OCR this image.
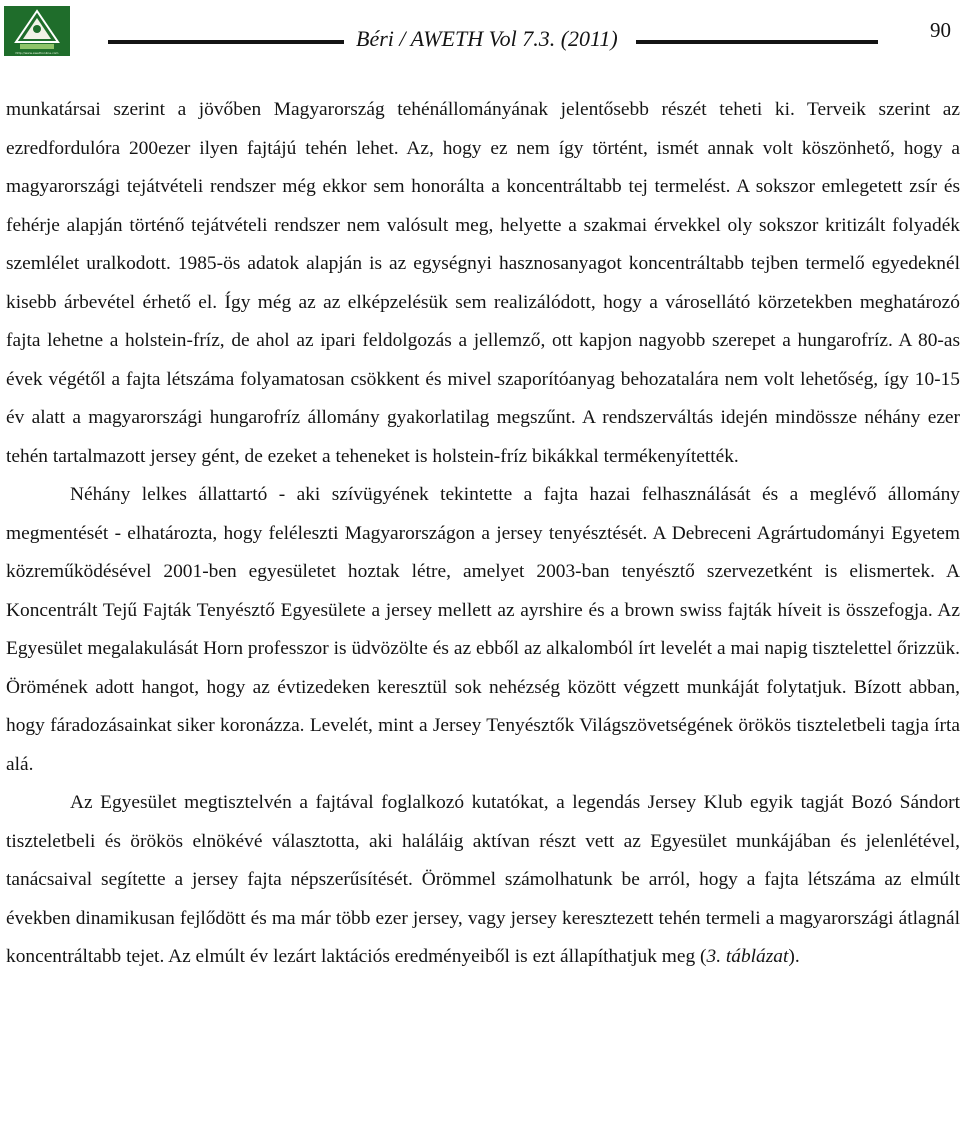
http://www.awethonline.com
Béri / AWETH Vol 7.3. (2011)	90

munkatársai szerint a jövőben Magyarország tehénállományának jelentősebb részét teheti ki. Terveik szerint az ezredfordulóra 200ezer ilyen fajtájú tehén lehet. Az, hogy ez nem így történt, ismét annak volt köszönhető, hogy a magyarországi tejátvételi rendszer még ekkor sem honorálta a koncentráltabb tej termelést. A sokszor emlegetett zsír és fehérje alapján történő tejátvételi rendszer nem valósult meg, helyette a szakmai érvekkel oly sokszor kritizált folyadék szemlélet uralkodott. 1985-ös adatok alapján is az egységnyi hasznosanyagot koncentráltabb tejben termelő egyedeknél kisebb árbevétel érhető el. Így még az az elképzelésük sem realizálódott, hogy a városellátó körzetekben meghatározó fajta lehetne a holstein-fríz, de ahol az ipari feldolgozás a jellemző, ott kapjon nagyobb szerepet a hungarofríz. A 80-as évek végétől a fajta létszáma folyamatosan csökkent és mivel szaporítóanyag behozatalára nem volt lehetőség, így 10-15 év alatt a magyarországi hungarofríz állomány gyakorlatilag megszűnt. A rendszerváltás idején mindössze néhány ezer tehén tartalmazott jersey gént, de ezeket a teheneket is holstein-fríz bikákkal termékenyítették.

Néhány lelkes állattartó - aki szívügyének tekintette a fajta hazai felhasználását és a meglévő állomány megmentését - elhatározta, hogy feléleszti Magyarországon a jersey tenyésztését. A Debreceni Agrártudományi Egyetem közreműködésével 2001-ben egyesületet hoztak létre, amelyet 2003-ban tenyésztő szervezetként is elismertek. A Koncentrált Tejű Fajták Tenyésztő Egyesülete a jersey mellett az ayrshire és a brown swiss fajták híveit is összefogja. Az Egyesület megalakulását Horn professzor is üdvözölte és az ebből az alkalomból írt levelét a mai napig tisztelettel őrizzük. Örömének adott hangot, hogy az évtizedeken keresztül sok nehézség között végzett munkáját folytatjuk. Bízott abban, hogy fáradozásainkat siker koronázza. Levelét, mint a Jersey Tenyésztők Világszövetségének örökös tiszteletbeli tagja írta alá.

Az Egyesület megtisztelvén a fajtával foglalkozó kutatókat, a legendás Jersey Klub egyik tagját Bozó Sándort tiszteletbeli és örökös elnökévé választotta, aki haláláig aktívan részt vett az Egyesület munkájában és jelenlétével, tanácsaival segítette a jersey fajta népszerűsítését. Örömmel számolhatunk be arról, hogy a fajta létszáma az elmúlt években dinamikusan fejlődött és ma már több ezer jersey, vagy jersey keresztezett tehén termeli a magyarországi átlagnál koncentráltabb tejet. Az elmúlt év lezárt laktációs eredményeiből is ezt állapíthatjuk meg (3. táblázat).
